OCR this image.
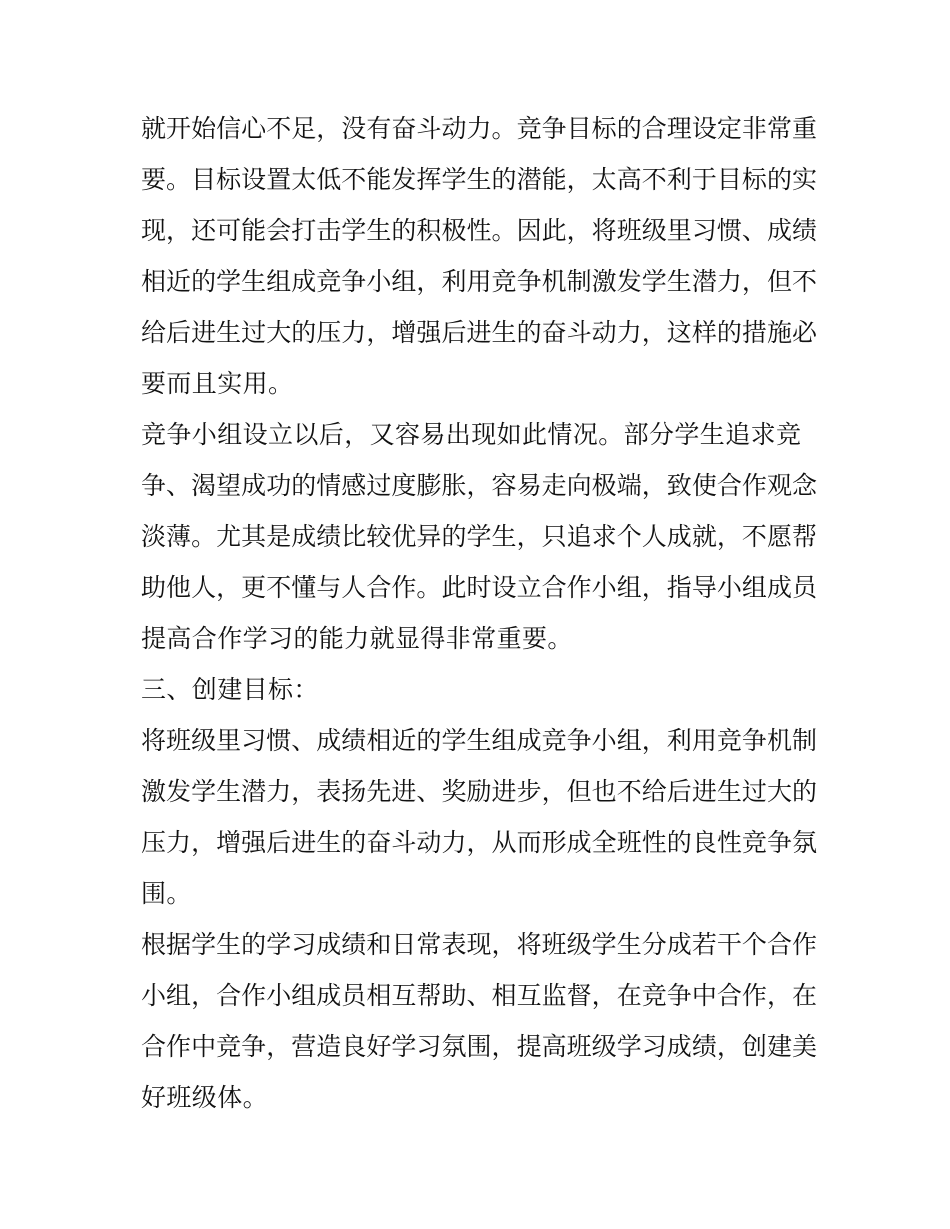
就开始信心不足，没有奋斗动力。竞争目标的合理设定非常重
要。目标设置太低不能发挥学生的潜能，太高不利于目标的实
现，还可能会打击学生的积极性。因此，将班级里习惯、成绩
相近的学生组成竞争小组，利用竞争机制激发学生潜力，但不
给后进生过大的压力，增强后进生的奋斗动力，这样的措施必
要而且实用。
竞争小组设立以后，又容易出现如此情况。部分学生追求竞
争、渴望成功的情感过度膨胀，容易走向极端，致使合作观念
淡薄。尤其是成绩比较优异的学生，只追求个人成就，不愿帮
助他人，更不懂与人合作。此时设立合作小组，指导小组成员
提高合作学习的能力就显得非常重要。
三、创建目标：
将班级里习惯、成绩相近的学生组成竞争小组，利用竞争机制
激发学生潜力，表扬先进、奖励进步，但也不给后进生过大的
压力，增强后进生的奋斗动力，从而形成全班性的良性竞争氛
围。
根据学生的学习成绩和日常表现，将班级学生分成若干个合作
小组，合作小组成员相互帮助、相互监督，在竞争中合作，在
合作中竞争，营造良好学习氛围，提高班级学习成绩，创建美
好班级体。
